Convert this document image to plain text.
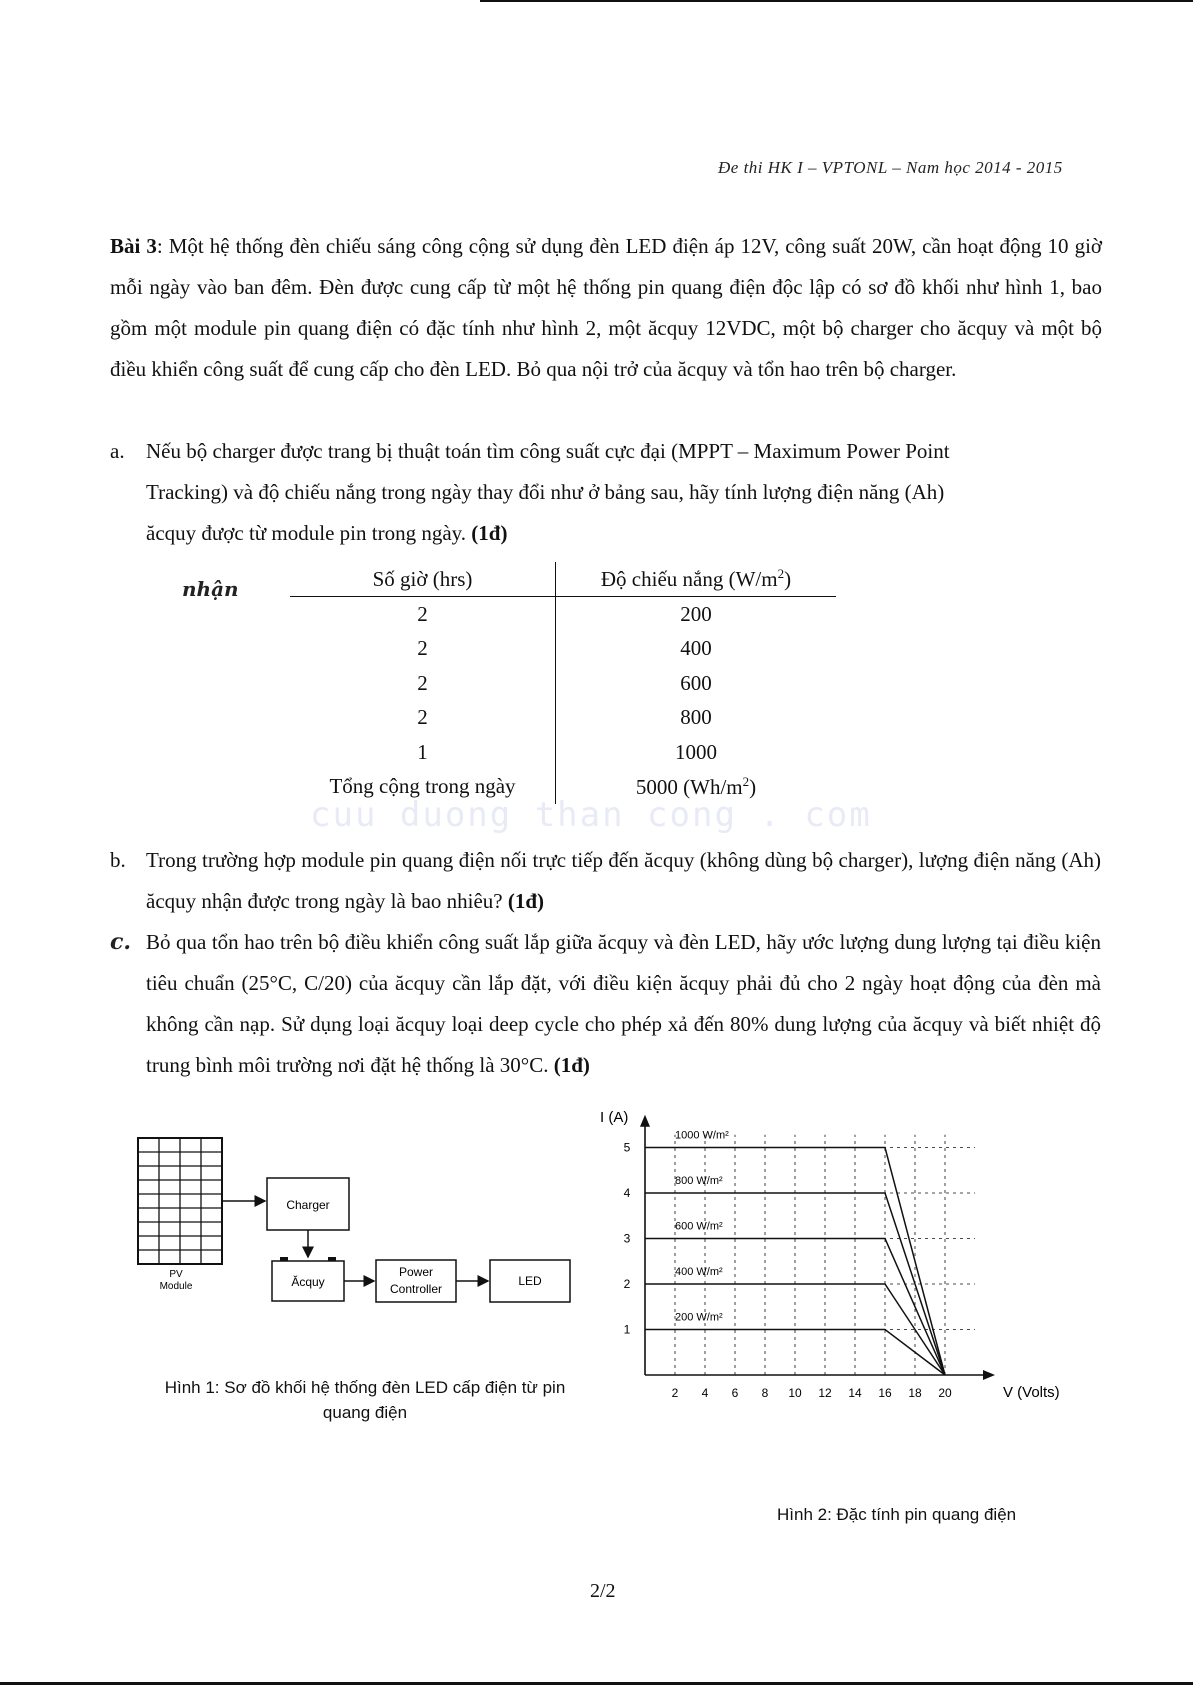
Đe thi HK I – VPTONL – Nam học 2014 - 2015
Bài 3: Một hệ thống đèn chiếu sáng công cộng sử dụng đèn LED điện áp 12V, công suất 20W, cần hoạt động 10 giờ mỗi ngày vào ban đêm. Đèn được cung cấp từ một hệ thống pin quang điện độc lập có sơ đồ khối như hình 1, bao gồm một module pin quang điện có đặc tính như hình 2, một ăcquy 12VDC, một bộ charger cho ăcquy và một bộ điều khiển công suất để cung cấp cho đèn LED. Bỏ qua nội trở của ăcquy và tổn hao trên bộ charger.
a. Nếu bộ charger được trang bị thuật toán tìm công suất cực đại (MPPT – Maximum Power Point
Tracking) và độ chiếu nắng trong ngày thay đổi như ở bảng sau, hãy tính lượng điện năng (Ah)
ăcquy được từ module pin trong ngày. (1đ)
nhận	Số giờ (hrs)	Độ chiếu nắng $(W/m^2)$
2	200
2	400
2	600
2	800
1	1000
Tổng cộng trong ngày	5000 $(Wh/m^2)$
cuu duong than cong . com
b. Trong trường hợp module pin quang điện nối trực tiếp đến ăcquy (không dùng bộ charger), lượng điện năng (Ah) ăcquy nhận được trong ngày là bao nhiêu? (1đ)
c. Bỏ qua tổn hao trên bộ điều khiển công suất lắp giữa ăcquy và đèn LED, hãy ước lượng dung lượng tại điều kiện tiêu chuẩn (25°C, C/20) của ăcquy cần lắp đặt, với điều kiện ăcquy phải đủ cho 2 ngày hoạt động của đèn mà không cần nạp. Sử dụng loại ăcquy loại deep cycle cho phép xả đến 80% dung lượng của ăcquy và biết nhiệt độ trung bình môi trường nơi đặt hệ thống là 30°C. (1đ)
PV
Module
Charger
Ăcquy
Power
Controller
LED
Hình 1: Sơ đồ khối hệ thống đèn LED cấp điện từ pin
quang điện
2 4 6 8 10 12 14 16 18 20
1
2
3
4
5
V (Volts)
I (A)
1000 W/m²
800 W/m²
600 W/m²
400 W/m²
200 W/m²
Hình 2: Đặc tính pin quang điện
2/2
